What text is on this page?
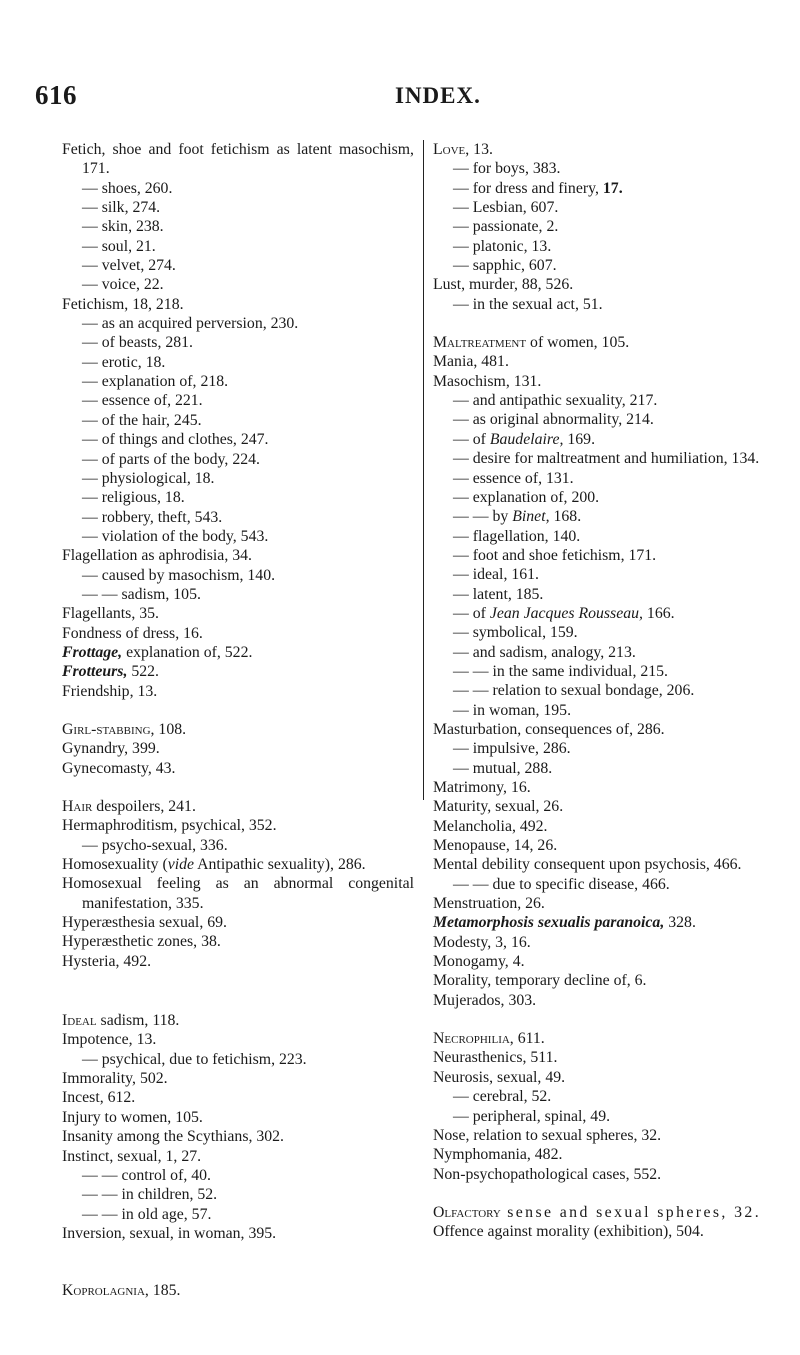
616	INDEX.
Fetich, shoe and foot fetichism as latent masochism, 171.
— shoes, 260.
— silk, 274.
— skin, 238.
— soul, 21.
— velvet, 274.
— voice, 22.
Fetichism, 18, 218.
— as an acquired perversion, 230.
— of beasts, 281.
— erotic, 18.
— explanation of, 218.
— essence of, 221.
— of the hair, 245.
— of things and clothes, 247.
— of parts of the body, 224.
— physiological, 18.
— religious, 18.
— robbery, theft, 543.
— violation of the body, 543.
Flagellation as aphrodisia, 34.
— caused by masochism, 140.
— — sadism, 105.
Flagellants, 35.
Fondness of dress, 16.
Frottage, explanation of, 522.
Frotteurs, 522.
Friendship, 13.
Girl-stabbing, 108.
Gynandry, 399.
Gynecomasty, 43.
Hair despoilers, 241.
Hermaphroditism, psychical, 352.
— psycho-sexual, 336.
Homosexuality (vide Antipathic sexuality), 286.
Homosexual feeling as an abnormal congenital manifestation, 335.
Hyperæsthesia sexual, 69.
Hyperæsthetic zones, 38.
Hysteria, 492.
Ideal sadism, 118.
Impotence, 13.
— psychical, due to fetichism, 223.
Immorality, 502.
Incest, 612.
Injury to women, 105.
Insanity among the Scythians, 302.
Instinct, sexual, 1, 27.
— — control of, 40.
— — in children, 52.
— — in old age, 57.
Inversion, sexual, in woman, 395.
Koprolagnia, 185.
Love, 13.
— for boys, 383.
— for dress and finery, 17.
— Lesbian, 607.
— passionate, 2.
— platonic, 13.
— sapphic, 607.
Lust, murder, 88, 526.
— in the sexual act, 51.
Maltreatment of women, 105.
Mania, 481.
Masochism, 131.
— and antipathic sexuality, 217.
— as original abnormality, 214.
— of Baudelaire, 169.
— desire for maltreatment and humiliation, 134.
— essence of, 131.
— explanation of, 200.
— — by Binet, 168.
— flagellation, 140.
— foot and shoe fetichism, 171.
— ideal, 161.
— latent, 185.
— of Jean Jacques Rousseau, 166.
— symbolical, 159.
— and sadism, analogy, 213.
— — in the same individual, 215.
— — relation to sexual bondage, 206.
— in woman, 195.
Masturbation, consequences of, 286.
— impulsive, 286.
— mutual, 288.
Matrimony, 16.
Maturity, sexual, 26.
Melancholia, 492.
Menopause, 14, 26.
Mental debility consequent upon psychosis, 466.
— — due to specific disease, 466.
Menstruation, 26.
Metamorphosis sexualis paranoica, 328.
Modesty, 3, 16.
Monogamy, 4.
Morality, temporary decline of, 6.
Mujerados, 303.
Necrophilia, 611.
Neurasthenics, 511.
Neurosis, sexual, 49.
— cerebral, 52.
— peripheral, spinal, 49.
Nose, relation to sexual spheres, 32.
Nymphomania, 482.
Non-psychopathological cases, 552.
Olfactory sense and sexual spheres, 32.
Offence against morality (exhibition), 504.
